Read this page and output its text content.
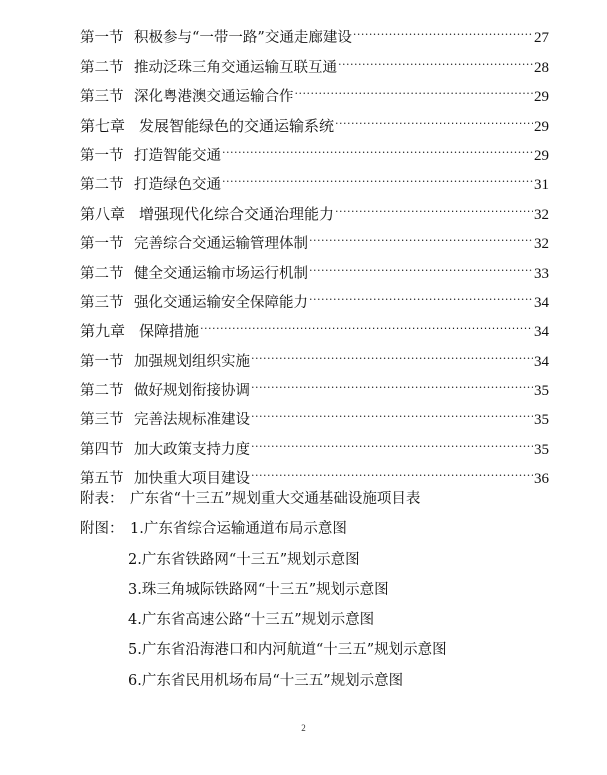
第一节 积极参与“一带一路”交通走廊建设 .....	27
第二节 推动泛珠三角交通运输互联互通 .....	28
第三节 深化粤港澳交通运输合作 .....	29
第七章 发展智能绿色的交通运输系统 .....	29
第一节 打造智能交通 .....	29
第二节 打造绿色交通 .....	31
第八章 增强现代化综合交通治理能力 .....	32
第一节 完善综合交通运输管理体制 .....	32
第二节 健全交通运输市场运行机制 .....	33
第三节 强化交通运输安全保障能力 .....	34
第九章 保障措施 .....	34
第一节 加强规划组织实施 .....	34
第二节 做好规划衔接协调 .....	35
第三节 完善法规标准建设 .....	35
第四节 加大政策支持力度 .....	35
第五节 加快重大项目建设 .....	36
附表： 广东省“十三五”规划重大交通基础设施项目表
附图： 1.广东省综合运输通道布局示意图
2.广东省铁路网“十三五”规划示意图
3.珠三角城际铁路网“十三五”规划示意图
4.广东省高速公路“十三五”规划示意图
5.广东省沿海港口和内河航道“十三五”规划示意图
6.广东省民用机场布局“十三五”规划示意图
2
